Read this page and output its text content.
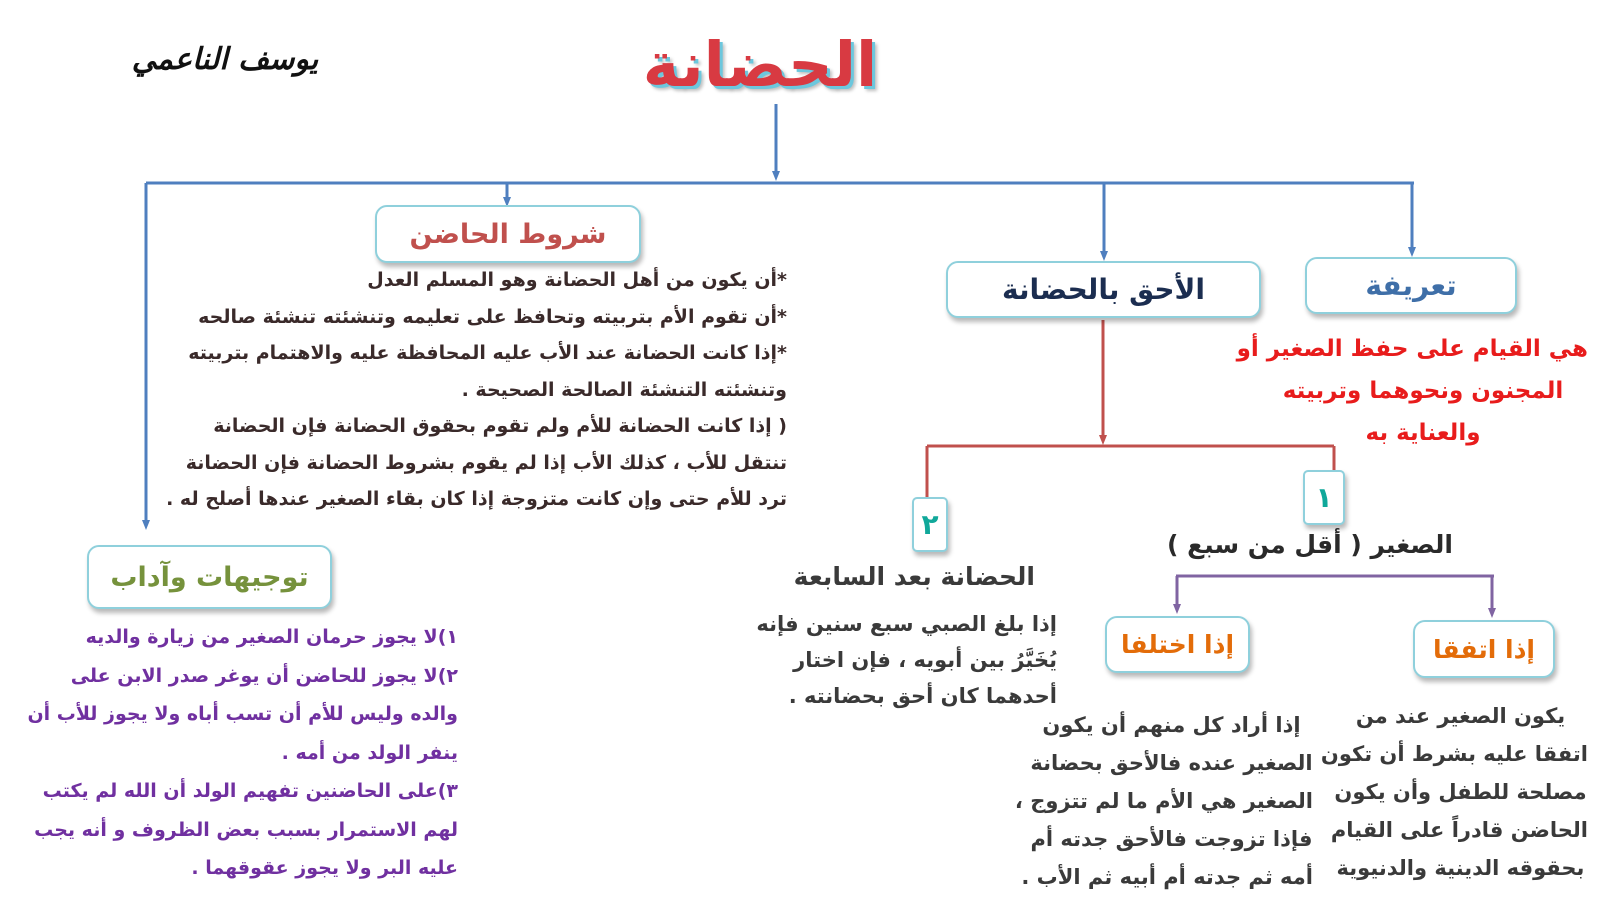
الحضانة
يوسف الناعمي
تعريفة
هي القيام على حفظ الصغير أو
المجنون ونحوهما وتربيته
والعناية به
الأحق بالحضانة
١
الصغير ( أقل من سبع )
٢
الحضانة بعد السابعة
إذا بلغ الصبي سبع سنين فإنه
يُخَيَّرُ بين أبويه ، فإن اختار
أحدهما كان أحق بحضانته .
إذا اتفقا
يكون الصغير عند من
اتفقا عليه بشرط أن تكون
مصلحة للطفل وأن يكون
الحاضن قادراً على القيام
بحقوقه الدينية والدنيوية
إذا اختلفا
إذا أراد كل منهم أن يكون
الصغير عنده فالأحق بحضانة
الصغير هي الأم ما لم تتزوج ،
فإذا تزوجت فالأحق جدته أم
أمه ثم جدته أم أبيه ثم الأب .
شروط الحاضن
*أن يكون من أهل الحضانة وهو المسلم العدل
*أن تقوم الأم بتربيته وتحافظ على تعليمه وتنشئته تنشئة صالحه
*إذا كانت الحضانة عند الأب عليه المحافظة عليه والاهتمام بتربيته
وتنشئته التنشئة الصالحة الصحيحة .
( إذا كانت الحضانة للأم ولم تقوم بحقوق الحضانة فإن الحضانة
تنتقل للأب ، كذلك الأب إذا لم يقوم بشروط الحضانة فإن الحضانة
ترد للأم حتى وإن كانت متزوجة إذا كان بقاء الصغير عندها أصلح له .
توجيهات وآداب
١)لا يجوز حرمان الصغير من زيارة والديه
٢)لا يجوز للحاضن أن يوغر صدر الابن على
والده وليس للأم أن تسب أباه ولا يجوز للأب أن
ينفر الولد من أمه .
٣)على الحاضنين تفهيم الولد أن الله لم يكتب
لهم الاستمرار بسبب بعض الظروف و أنه يجب
عليه البر ولا يجوز عقوقهما .
